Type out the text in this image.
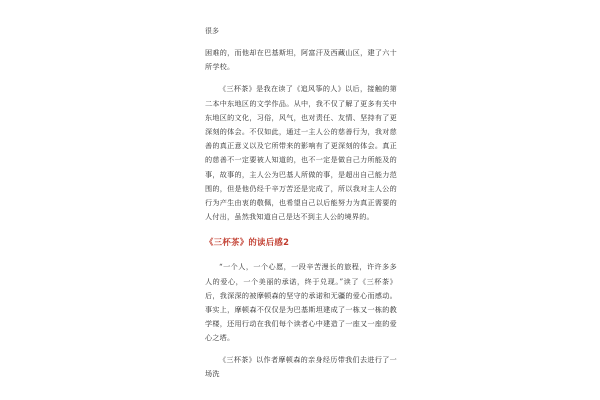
很多

困难的，而他却在巴基斯坦，阿富汗及西藏山区，建了六十所学校。

《三杯茶》是我在读了《追风筝的人》以后，接触的第二本中东地区的文学作品。从中，我不仅了解了更多有关中东地区的文化，习俗，风气，也对责任、友情、坚持有了更深刻的体会。不仅如此，通过一主人公的慈善行为，我对慈善的真正意义以及它所带来的影响有了更深刻的体会。真正的慈善不一定要被人知道的，也不一定是做自己力所能及的事，故事的，主人公为巴基人所做的事，是超出自己能力范围的，但是他仍经千辛万苦还是完成了，所以我对主人公的行为产生由衷的敬佩，也希望自己以后能努力为真正需要的人付出，虽然我知道自己是达不到主人公的境界的。

《三杯茶》的读后感2

“一个人，一个心愿，一段辛苦漫长的旅程，许许多多人的爱心，一个美丽的承诺，终于兑现。”读了《三杯茶》后，我深深的被摩顿森的坚守的承诺和无疆的爱心而感动。事实上，摩顿森不仅仅是为巴基斯坦建成了一栋又一栋的教学楼，还用行动在我们每个读者心中建造了一座又一座的爱心之塔。

《三杯茶》以作者摩顿森的亲身经历带我们去进行了一场洗
